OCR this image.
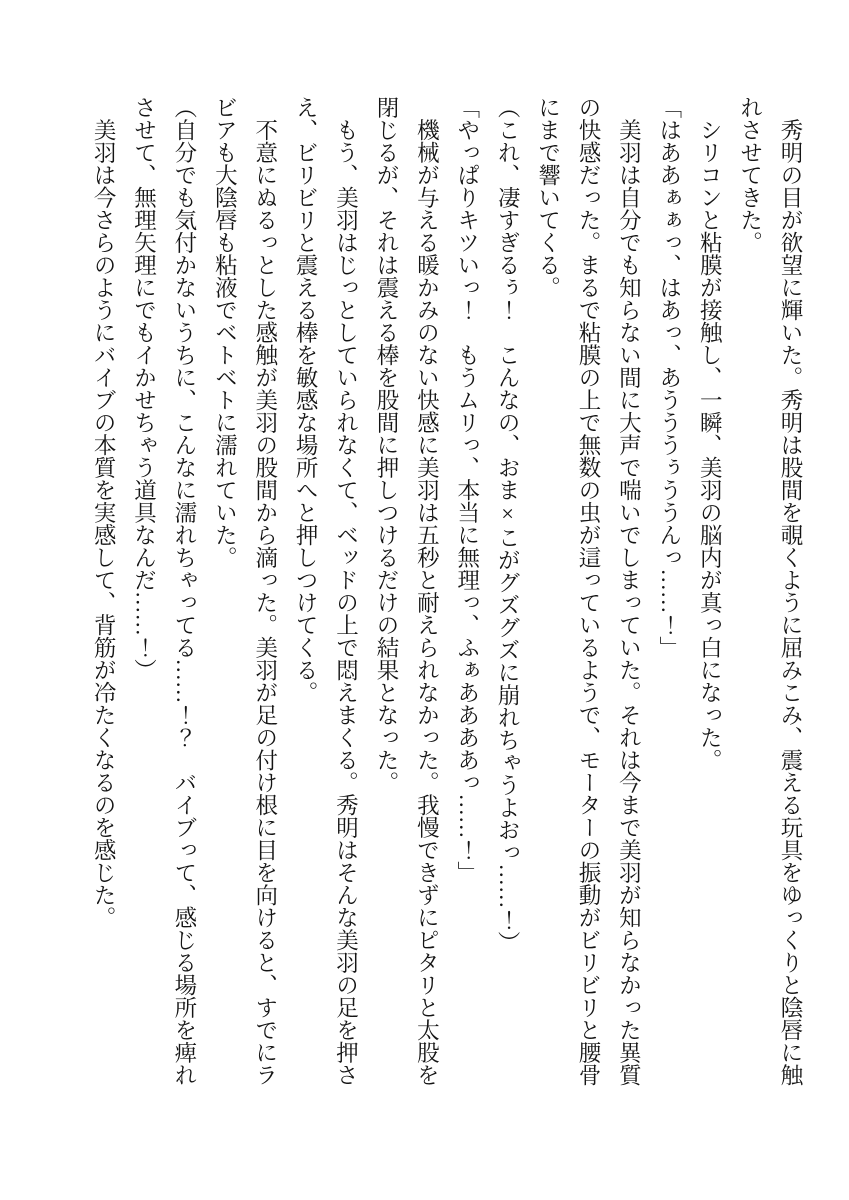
　秀明の目が欲望に輝いた。秀明は股間を覗くように屈みこみ、震える玩具をゆっくりと陰唇に触れさせてきた。

　シリコンと粘膜が接触し、一瞬、美羽の脳内が真っ白になった。

「はああぁぁっ、はあっ、あうううぅううんっ……！」

　美羽は自分でも知らない間に大声で喘いでしまっていた。それは今まで美羽が知らなかった異質の快感だった。まるで粘膜の上で無数の虫が這っているようで、モーターの振動がビリビリと腰骨にまで響いてくる。

（これ、凄すぎるぅ！　こんなの、おま×こがグズグズに崩れちゃうよおっ……！）

「やっぱりキツいっ！　もうムリっ、本当に無理っ、ふぁああああっ……！」

　機械が与える暖かみのない快感に美羽は五秒と耐えられなかった。我慢できずにピタリと太股を閉じるが、それは震える棒を股間に押しつけるだけの結果となった。

　もう、美羽はじっとしていられなくて、ベッドの上で悶えまくる。秀明はそんな美羽の足を押さえ、ビリビリと震える棒を敏感な場所へと押しつけてくる。

　不意にぬるっとした感触が美羽の股間から滴った。美羽が足の付け根に目を向けると、すでにラビアも大陰唇も粘液でベトベトに濡れていた。

（自分でも気付かないうちに、こんなに濡れちゃってる……！？　バイブって、感じる場所を痺れさせて、無理矢理にでもイかせちゃう道具なんだ……！）

　美羽は今さらのようにバイブの本質を実感して、背筋が冷たくなるのを感じた。
